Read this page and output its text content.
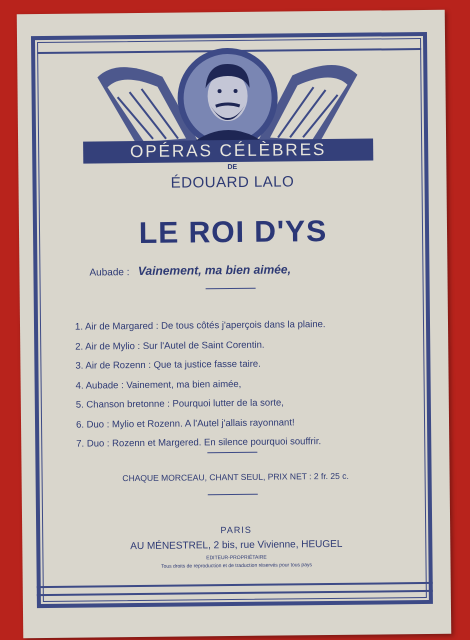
OPÉRAS CÉLÈBRES
DE
ÉDOUARD LALO
LE ROI D'YS
Aubade : Vainement, ma bien aimée,
1. Air de Margared : De tous côtés j'aperçois dans la plaine.
2. Air de Mylio : Sur l'Autel de Saint Corentin.
3. Air de Rozenn : Que ta justice fasse taire.
4. Aubade : Vainement, ma bien aimée,
5. Chanson bretonne : Pourquoi lutter de la sorte,
6. Duo : Mylio et Rozenn. A l'Autel j'allais rayonnant!
7. Duo : Rozenn et Margered. En silence pourquoi souffrir.
CHAQUE MORCEAU, CHANT SEUL, PRIX NET : 2 fr. 25 c.
PARIS
AU MÉNESTREL, 2 bis, rue Vivienne, HEUGEL
EDITEUR-PROPRIÉTAIRE
Tous droits de reproduction et de traduction réservés pour tous pays
